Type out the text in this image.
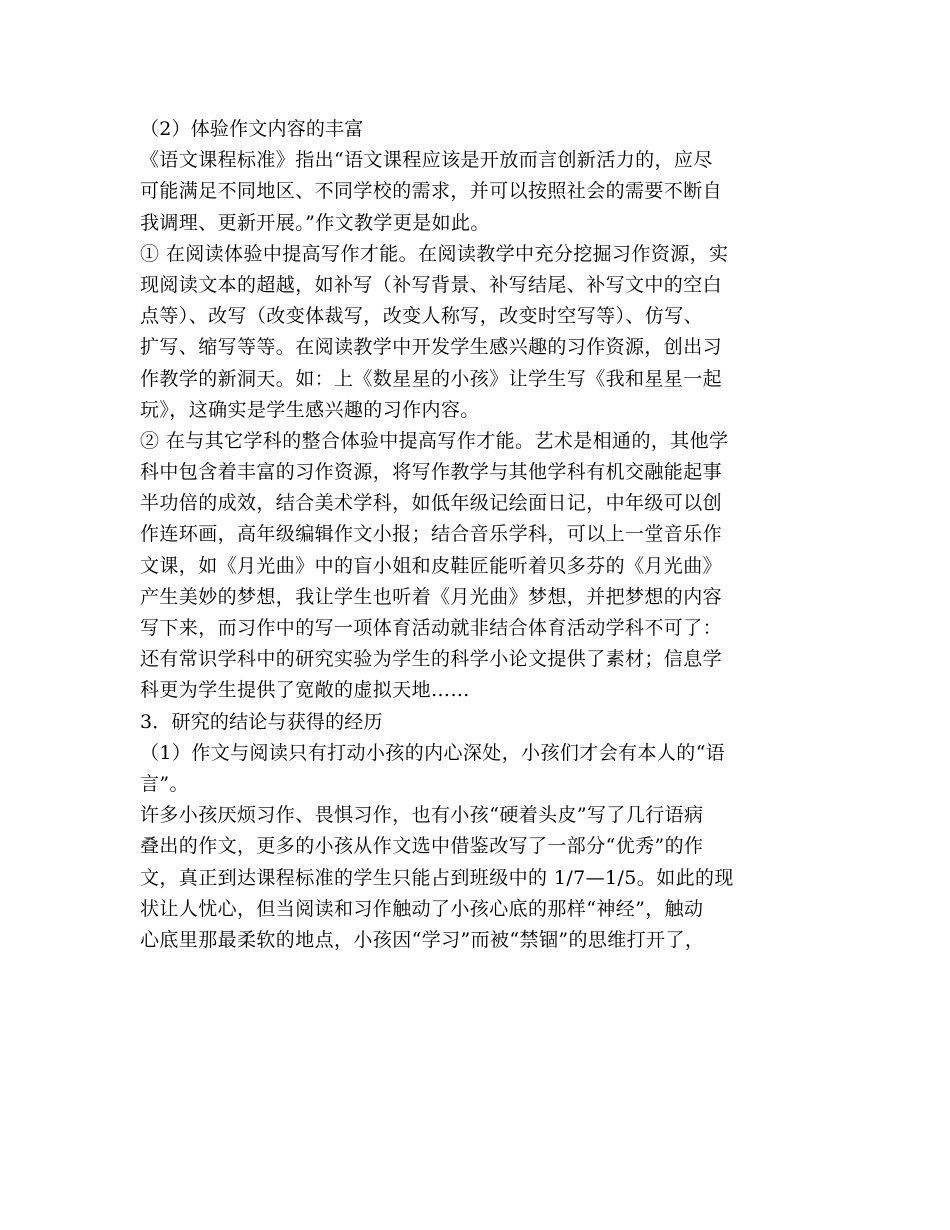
（2）体验作文内容的丰富
《语文课程标准》指出“语文课程应该是开放而言创新活力的，应尽
可能满足不同地区、不同学校的需求，并可以按照社会的需要不断自
我调理、更新开展。”作文教学更是如此。
① 在阅读体验中提高写作才能。在阅读教学中充分挖掘习作资源，实
现阅读文本的超越，如补写（补写背景、补写结尾、补写文中的空白
点等）、改写（改变体裁写，改变人称写，改变时空写等）、仿写、
扩写、缩写等等。在阅读教学中开发学生感兴趣的习作资源，创出习
作教学的新洞天。如：上《数星星的小孩》让学生写《我和星星一起
玩》，这确实是学生感兴趣的习作内容。
② 在与其它学科的整合体验中提高写作才能。艺术是相通的，其他学
科中包含着丰富的习作资源，将写作教学与其他学科有机交融能起事
半功倍的成效，结合美术学科，如低年级记绘面日记，中年级可以创
作连环画，高年级编辑作文小报；结合音乐学科，可以上一堂音乐作
文课，如《月光曲》中的盲小姐和皮鞋匠能听着贝多芬的《月光曲》
产生美妙的梦想，我让学生也听着《月光曲》梦想，并把梦想的内容
写下来，而习作中的写一项体育活动就非结合体育活动学科不可了：
还有常识学科中的研究实验为学生的科学小论文提供了素材；信息学
科更为学生提供了宽敞的虚拟天地……
3．研究的结论与获得的经历
（1）作文与阅读只有打动小孩的内心深处，小孩们才会有本人的“语
言”。
许多小孩厌烦习作、畏惧习作，也有小孩“硬着头皮”写了几行语病
叠出的作文，更多的小孩从作文选中借鉴改写了一部分“优秀”的作
文，真正到达课程标准的学生只能占到班级中的 1/7—1/5。如此的现
状让人忧心，但当阅读和习作触动了小孩心底的那样“神经”，触动
心底里那最柔软的地点，小孩因“学习”而被“禁锢”的思维打开了，
